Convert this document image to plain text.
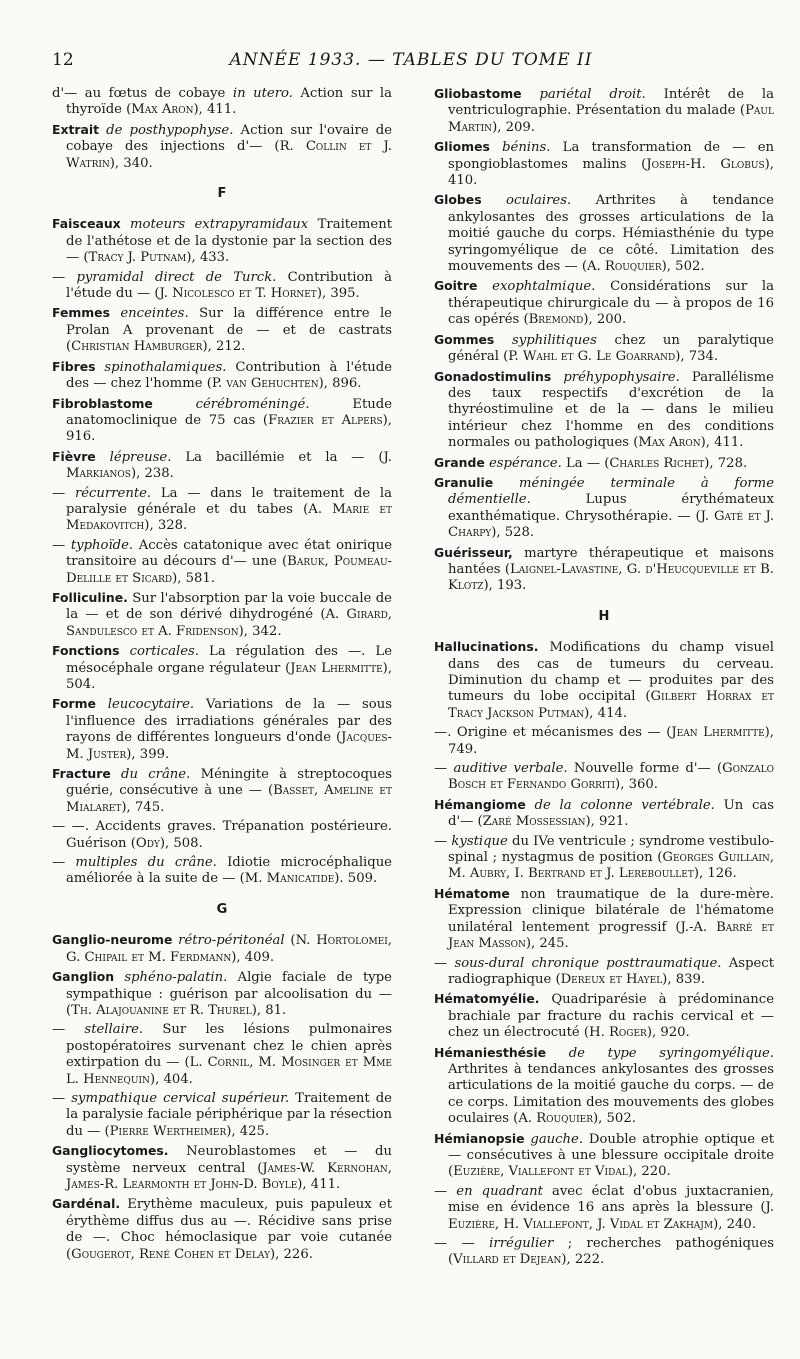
12	ANNÉE 1933. — TABLES DU TOME II
d'— au fœtus de cobaye in utero. Action sur la thyroïde (Max Aron), 411.
Extrait de posthypophyse. Action sur l'ovaire de cobaye des injections d'— (R. Collin et J. Watrin), 340.
F
Faisceaux moteurs extrapyramidaux Traitement de l'athétose et de la dystonie par la section des — (Tracy J. Putnam), 433.
— pyramidal direct de Turck. Contribution à l'étude du — (J. Nicolesco et T. Hornet), 395.
Femmes enceintes. Sur la différence entre le Prolan A provenant de — et de castrats (Christian Hamburger), 212.
Fibres spinothalamiques. Contribution à l'étude des — chez l'homme (P. van Gehuchten), 896.
Fibroblastome cérébroméningé. Etude anatomoclinique de 75 cas (Frazier et Alpers), 916.
Fièvre lépreuse. La bacillémie et la — (J. Markianos), 238.
— récurrente. La — dans le traitement de la paralysie générale et du tabes (A. Marie et Medakovitch), 328.
— typhoïde. Accès catatonique avec état onirique transitoire au décours d'— une (Baruk, Poumeau-Delille et Sicard), 581.
Folliculine. Sur l'absorption par la voie buccale de la — et de son dérivé dihydrogéné (A. Girard, Sandulesco et A. Fridenson), 342.
Fonctions corticales. La régulation des —. Le mésocéphale organe régulateur (Jean Lhermitte), 504.
Forme leucocytaire. Variations de la — sous l'influence des irradiations générales par des rayons de différentes longueurs d'onde (Jacques-M. Juster), 399.
Fracture du crâne. Méningite à streptocoques guérie, consécutive à une — (Basset, Ameline et Mialaret), 745.
— —. Accidents graves. Trépanation postérieure. Guérison (Ody), 508.
— multiples du crâne. Idiotie microcéphalique améliorée à la suite de — (M. Manicatide). 509.
G
Ganglio-neurome rétro-péritonéal (N. Hortolomei, G. Chipail et M. Ferdmann), 409.
Ganglion sphéno-palatin. Algie faciale de type sympathique : guérison par alcoolisation du — (Th. Alajouanine et R. Thurel), 81.
— stellaire. Sur les lésions pulmonaires postopératoires survenant chez le chien après extirpation du — (L. Cornil, M. Mosinger et Mme L. Hennequin), 404.
— sympathique cervical supérieur. Traitement de la paralysie faciale périphérique par la résection du — (Pierre Wertheimer), 425.
Gangliocytomes. Neuroblastomes et — du système nerveux central (James-W. Kernohan, James-R. Learmonth et John-D. Boyle), 411.
Gardénal. Erythème maculeux, puis papuleux et érythème diffus dus au —. Récidive sans prise de —. Choc hémoclasique par voie cutanée (Gougerot, René Cohen et Delay), 226.
Gliobastome pariétal droit. Intérêt de la ventriculographie. Présentation du malade (Paul Martin), 209.
Gliomes bénins. La transformation de — en spongioblastomes malins (Joseph-H. Globus), 410.
Globes oculaires. Arthrites à tendance ankylosantes des grosses articulations de la moitié gauche du corps. Hémiasthénie du type syringomyélique de ce côté. Limitation des mouvements des — (A. Rouquier), 502.
Goitre exophtalmique. Considérations sur la thérapeutique chirurgicale du — à propos de 16 cas opérés (Bremond), 200.
Gommes syphilitiques chez un paralytique général (P. Wahl et G. Le Goarrand), 734.
Gonadostimulins préhypophysaire. Parallélisme des taux respectifs d'excrétion de la thyréostimuline et de la — dans le milieu intérieur chez l'homme en des conditions normales ou pathologiques (Max Aron), 411.
Grande espérance. La — (Charles Richet), 728.
Granulie méningée terminale à forme démentielle. Lupus érythémateux exanthématique. Chrysothérapie. — (J. Gaté et J. Charpy), 528.
Guérisseur, martyre thérapeutique et maisons hantées (Laignel-Lavastine, G. d'Heucqueville et B. Klotz), 193.
H
Hallucinations. Modifications du champ visuel dans des cas de tumeurs du cerveau. Diminution du champ et — produites par des tumeurs du lobe occipital (Gilbert Horrax et Tracy Jackson Putman), 414.
—. Origine et mécanismes des — (Jean Lhermitte), 749.
— auditive verbale. Nouvelle forme d'— (Gonzalo Bosch et Fernando Gorriti), 360.
Hémangiome de la colonne vertébrale. Un cas d'— (Zaré Mossessian), 921.
— kystique du IVe ventricule ; syndrome vestibulo-spinal ; nystagmus de position (Georges Guillain, M. Aubry, I. Bertrand et J. Lereboullet), 126.
Hématome non traumatique de la dure-mère. Expression clinique bilatérale de l'hématome unilatéral lentement progressif (J.-A. Barré et Jean Masson), 245.
— sous-dural chronique posttraumatique. Aspect radiographique (Dereux et Hayel), 839.
Hématomyélie. Quadriparésie à prédominance brachiale par fracture du rachis cervical et — chez un électrocuté (H. Roger), 920.
Hémaniesthésie de type syringomyélique. Arthrites à tendances ankylosantes des grosses articulations de la moitié gauche du corps. — de ce corps. Limitation des mouvements des globes oculaires (A. Rouquier), 502.
Hémianopsie gauche. Double atrophie optique et — consécutives à une blessure occipitale droite (Euzière, Viallefont et Vidal), 220.
— en quadrant avec éclat d'obus juxtacranien, mise en évidence 16 ans après la blessure (J. Euzière, H. Viallefont, J. Vidal et Zakhajm), 240.
— — irrégulier ; recherches pathogéniques (Villard et Dejean), 222.
